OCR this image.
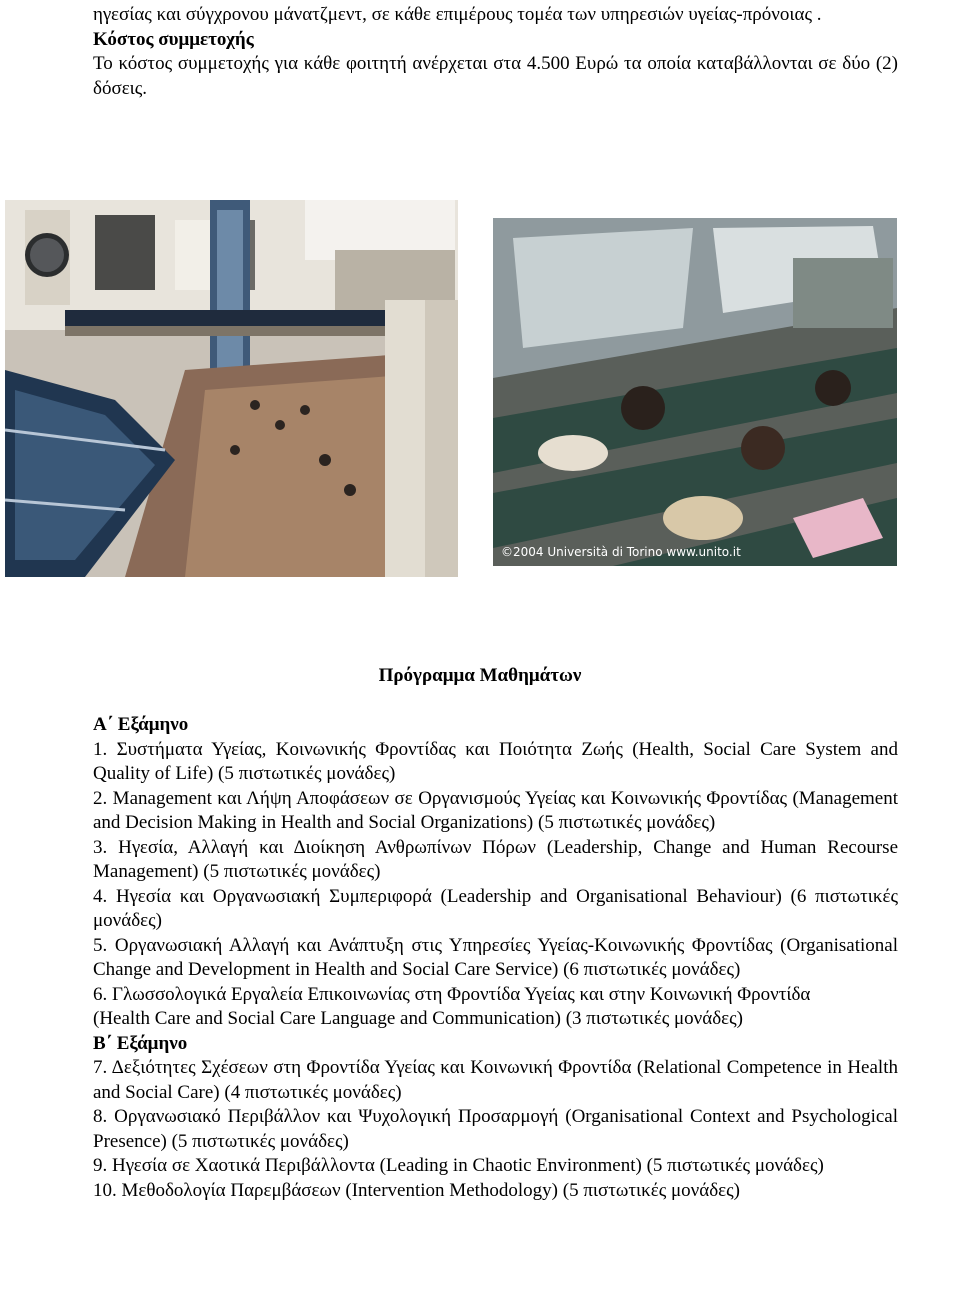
ηγεσίας και σύγχρονου μάνατζμεντ, σε κάθε επιμέρους τομέα των υπηρεσιών υγείας-πρόνοιας .

Κόστος συμμετοχής

Το κόστος συμμετοχής για κάθε φοιτητή ανέρχεται στα 4.500 Ευρώ τα οποία καταβάλλονται σε δύο (2) δόσεις.

©2004 Università di Torino www.unito.it
Πρόγραμμα Μαθημάτων

Α΄ Εξάμηνο

1. Συστήματα Υγείας, Κοινωνικής Φροντίδας και Ποιότητα Ζωής (Health, Social Care System and Quality of Life) (5 πιστωτικές μονάδες)

2. Management και Λήψη Αποφάσεων σε Οργανισμούς Υγείας και Κοινωνικής Φροντίδας (Management and Decision Making in Health and Social Organizations) (5 πιστωτικές μονάδες)

3. Ηγεσία, Αλλαγή και Διοίκηση Ανθρωπίνων Πόρων (Leadership, Change and Human Recourse Management) (5 πιστωτικές μονάδες)

4. Ηγεσία και Οργανωσιακή Συμπεριφορά (Leadership and Organisational Behaviour) (6 πιστωτικές μονάδες)

5. Οργανωσιακή Αλλαγή και Ανάπτυξη στις Υπηρεσίες Υγείας-Κοινωνικής Φροντίδας (Organisational Change and Development in Health and Social Care Service) (6 πιστωτικές μονάδες)

6. Γλωσσολογικά Εργαλεία Επικοινωνίας στη Φροντίδα Υγείας και στην Κοινωνική Φροντίδα

(Health Care and Social Care Language and Communication) (3 πιστωτικές μονάδες)

Β΄ Εξάμηνο

7. Δεξιότητες Σχέσεων στη Φροντίδα Υγείας και Κοινωνική Φροντίδα (Relational Competence in Health and Social Care) (4 πιστωτικές μονάδες)

8. Οργανωσιακό Περιβάλλον και Ψυχολογική Προσαρμογή (Organisational Context and Psychological Presence) (5 πιστωτικές μονάδες)

9. Ηγεσία σε Χαοτικά Περιβάλλοντα (Leading in Chaotic Environment) (5 πιστωτικές μονάδες)

10. Μεθοδολογία Παρεμβάσεων (Intervention Methodology) (5 πιστωτικές μονάδες)
